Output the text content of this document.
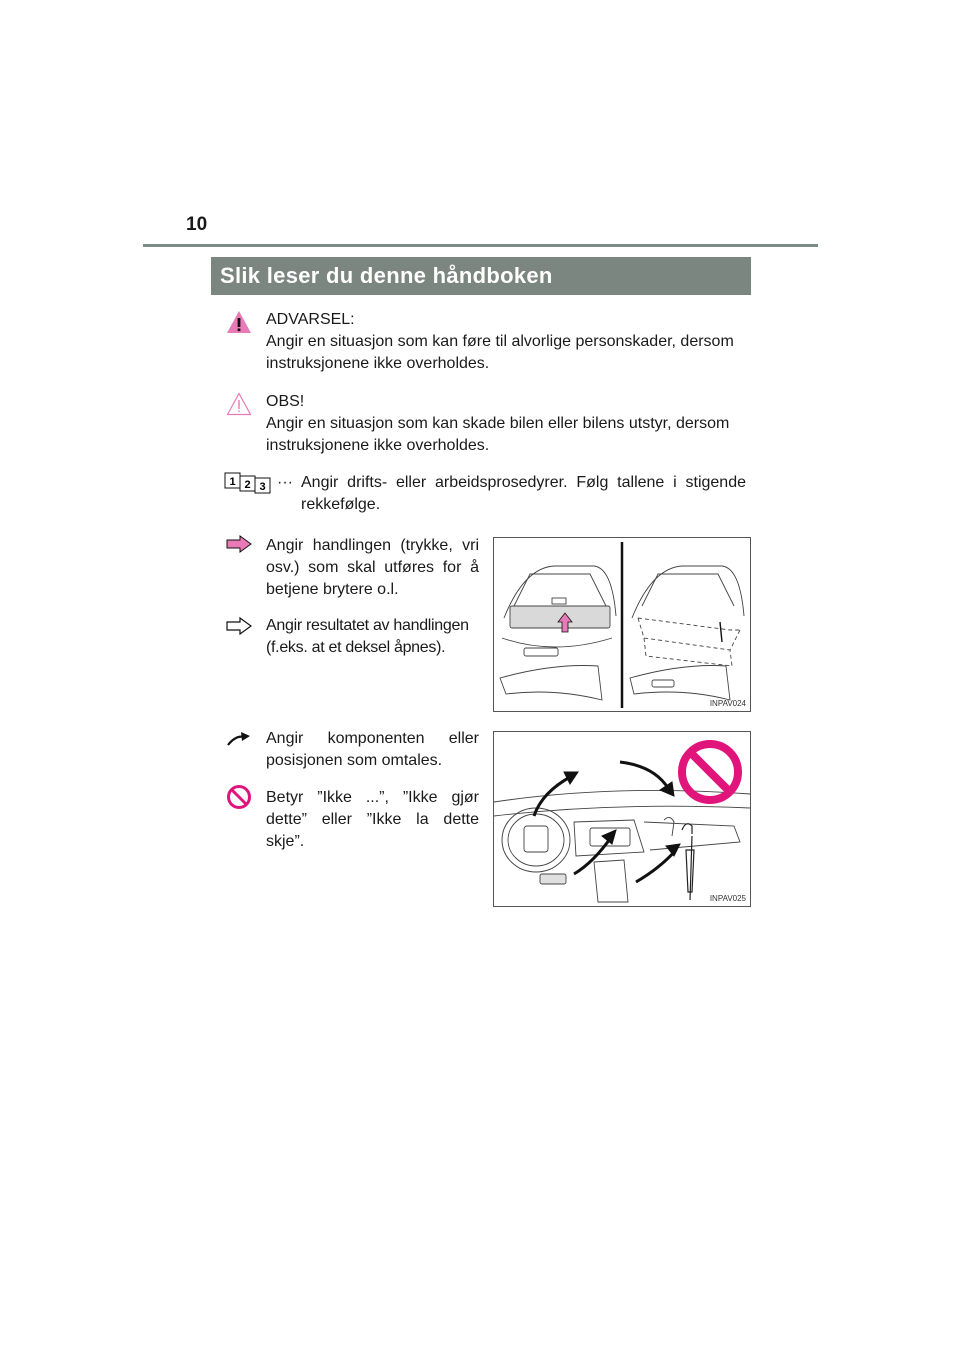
10
Slik leser du denne håndboken
ADVARSEL:
Angir en situasjon som kan føre til alvorlige personskader, dersom instruksjonene ikke overholdes.
OBS!
Angir en situasjon som kan skade bilen eller bilens utstyr, dersom instruksjonene ikke overholdes.
1 2 3 ··· Angir drifts- eller arbeidsprosedyrer. Følg tallene i stigende rekkefølge.
Angir handlingen (trykke, vri osv.) som skal utføres for å betjene brytere o.l.
Angir resultatet av handlingen (f.eks. at et deksel åpnes).
Angir komponenten eller posisjonen som omtales.
Betyr ”Ikke ...”, ”Ikke gjør dette” eller ”Ikke la dette skje”.
INPAV024
INPAV025
